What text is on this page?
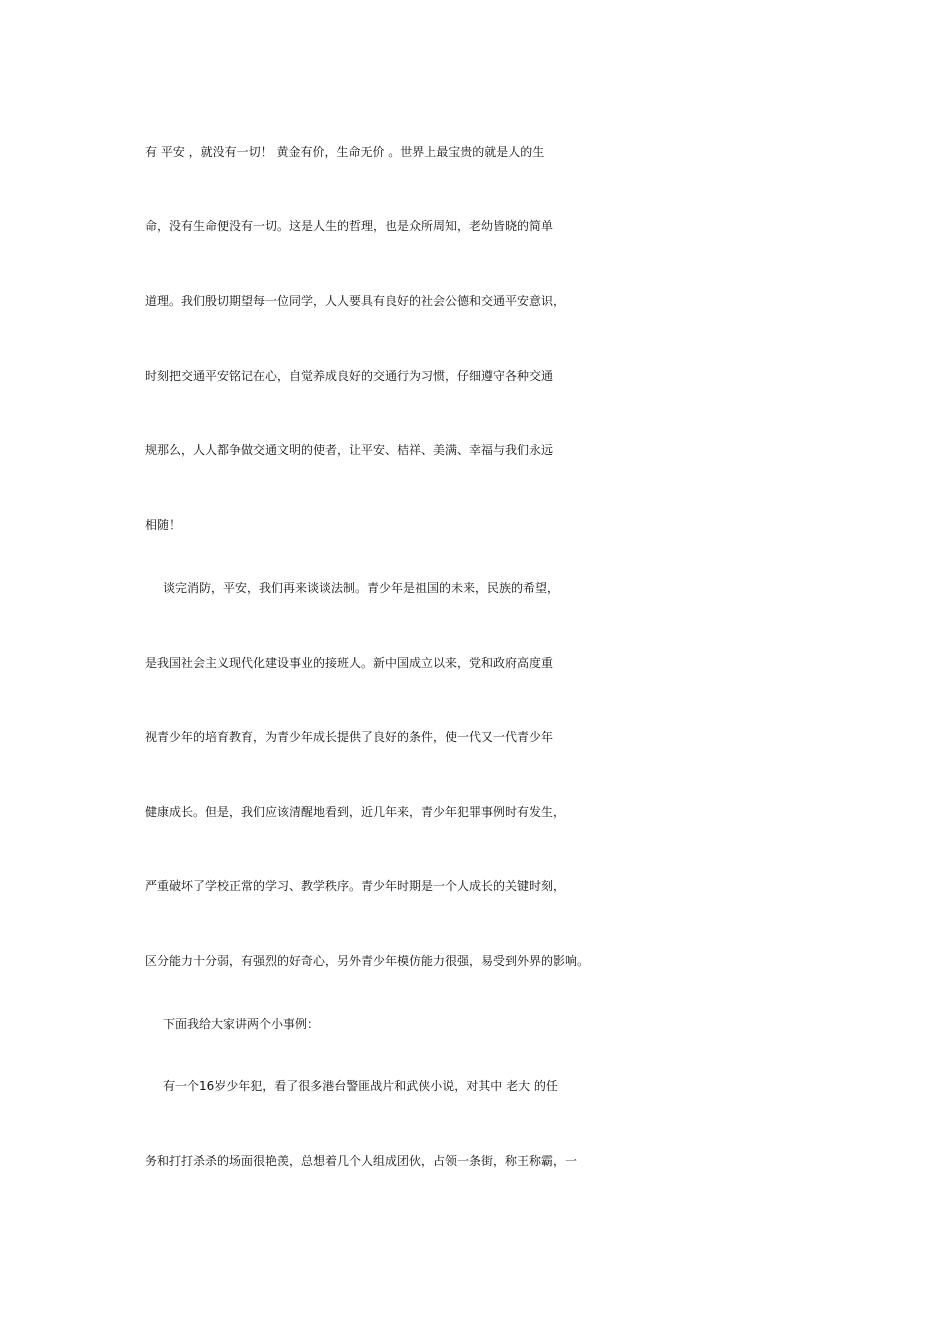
有 平安 ，就没有一切！ 黄金有价，生命无价 。世界上最宝贵的就是人的生
命，没有生命便没有一切。这是人生的哲理，也是众所周知，老幼皆晓的简单
道理。我们殷切期望每一位同学，人人要具有良好的社会公德和交通平安意识，
时刻把交通平安铭记在心，自觉养成良好的交通行为习惯，仔细遵守各种交通
规那么，人人都争做交通文明的使者，让平安、桔祥、美满、幸福与我们永远
相随！
谈完消防，平安，我们再来谈谈法制。青少年是祖国的未来，民族的希望，
是我国社会主义现代化建设事业的接班人。新中国成立以来，党和政府高度重
视青少年的培育教育，为青少年成长提供了良好的条件，使一代又一代青少年
健康成长。但是，我们应该清醒地看到，近几年来，青少年犯罪事例时有发生，
严重破坏了学校正常的学习、教学秩序。青少年时期是一个人成长的关键时刻，
区分能力十分弱，有强烈的好奇心，另外青少年模仿能力很强，易受到外界的影响。
下面我给大家讲两个小事例：
有一个16岁少年犯，看了很多港台警匪战片和武侠小说，对其中 老大 的任
务和打打杀杀的场面很艳羡，总想着几个人组成团伙，占领一条街，称王称霸，一
